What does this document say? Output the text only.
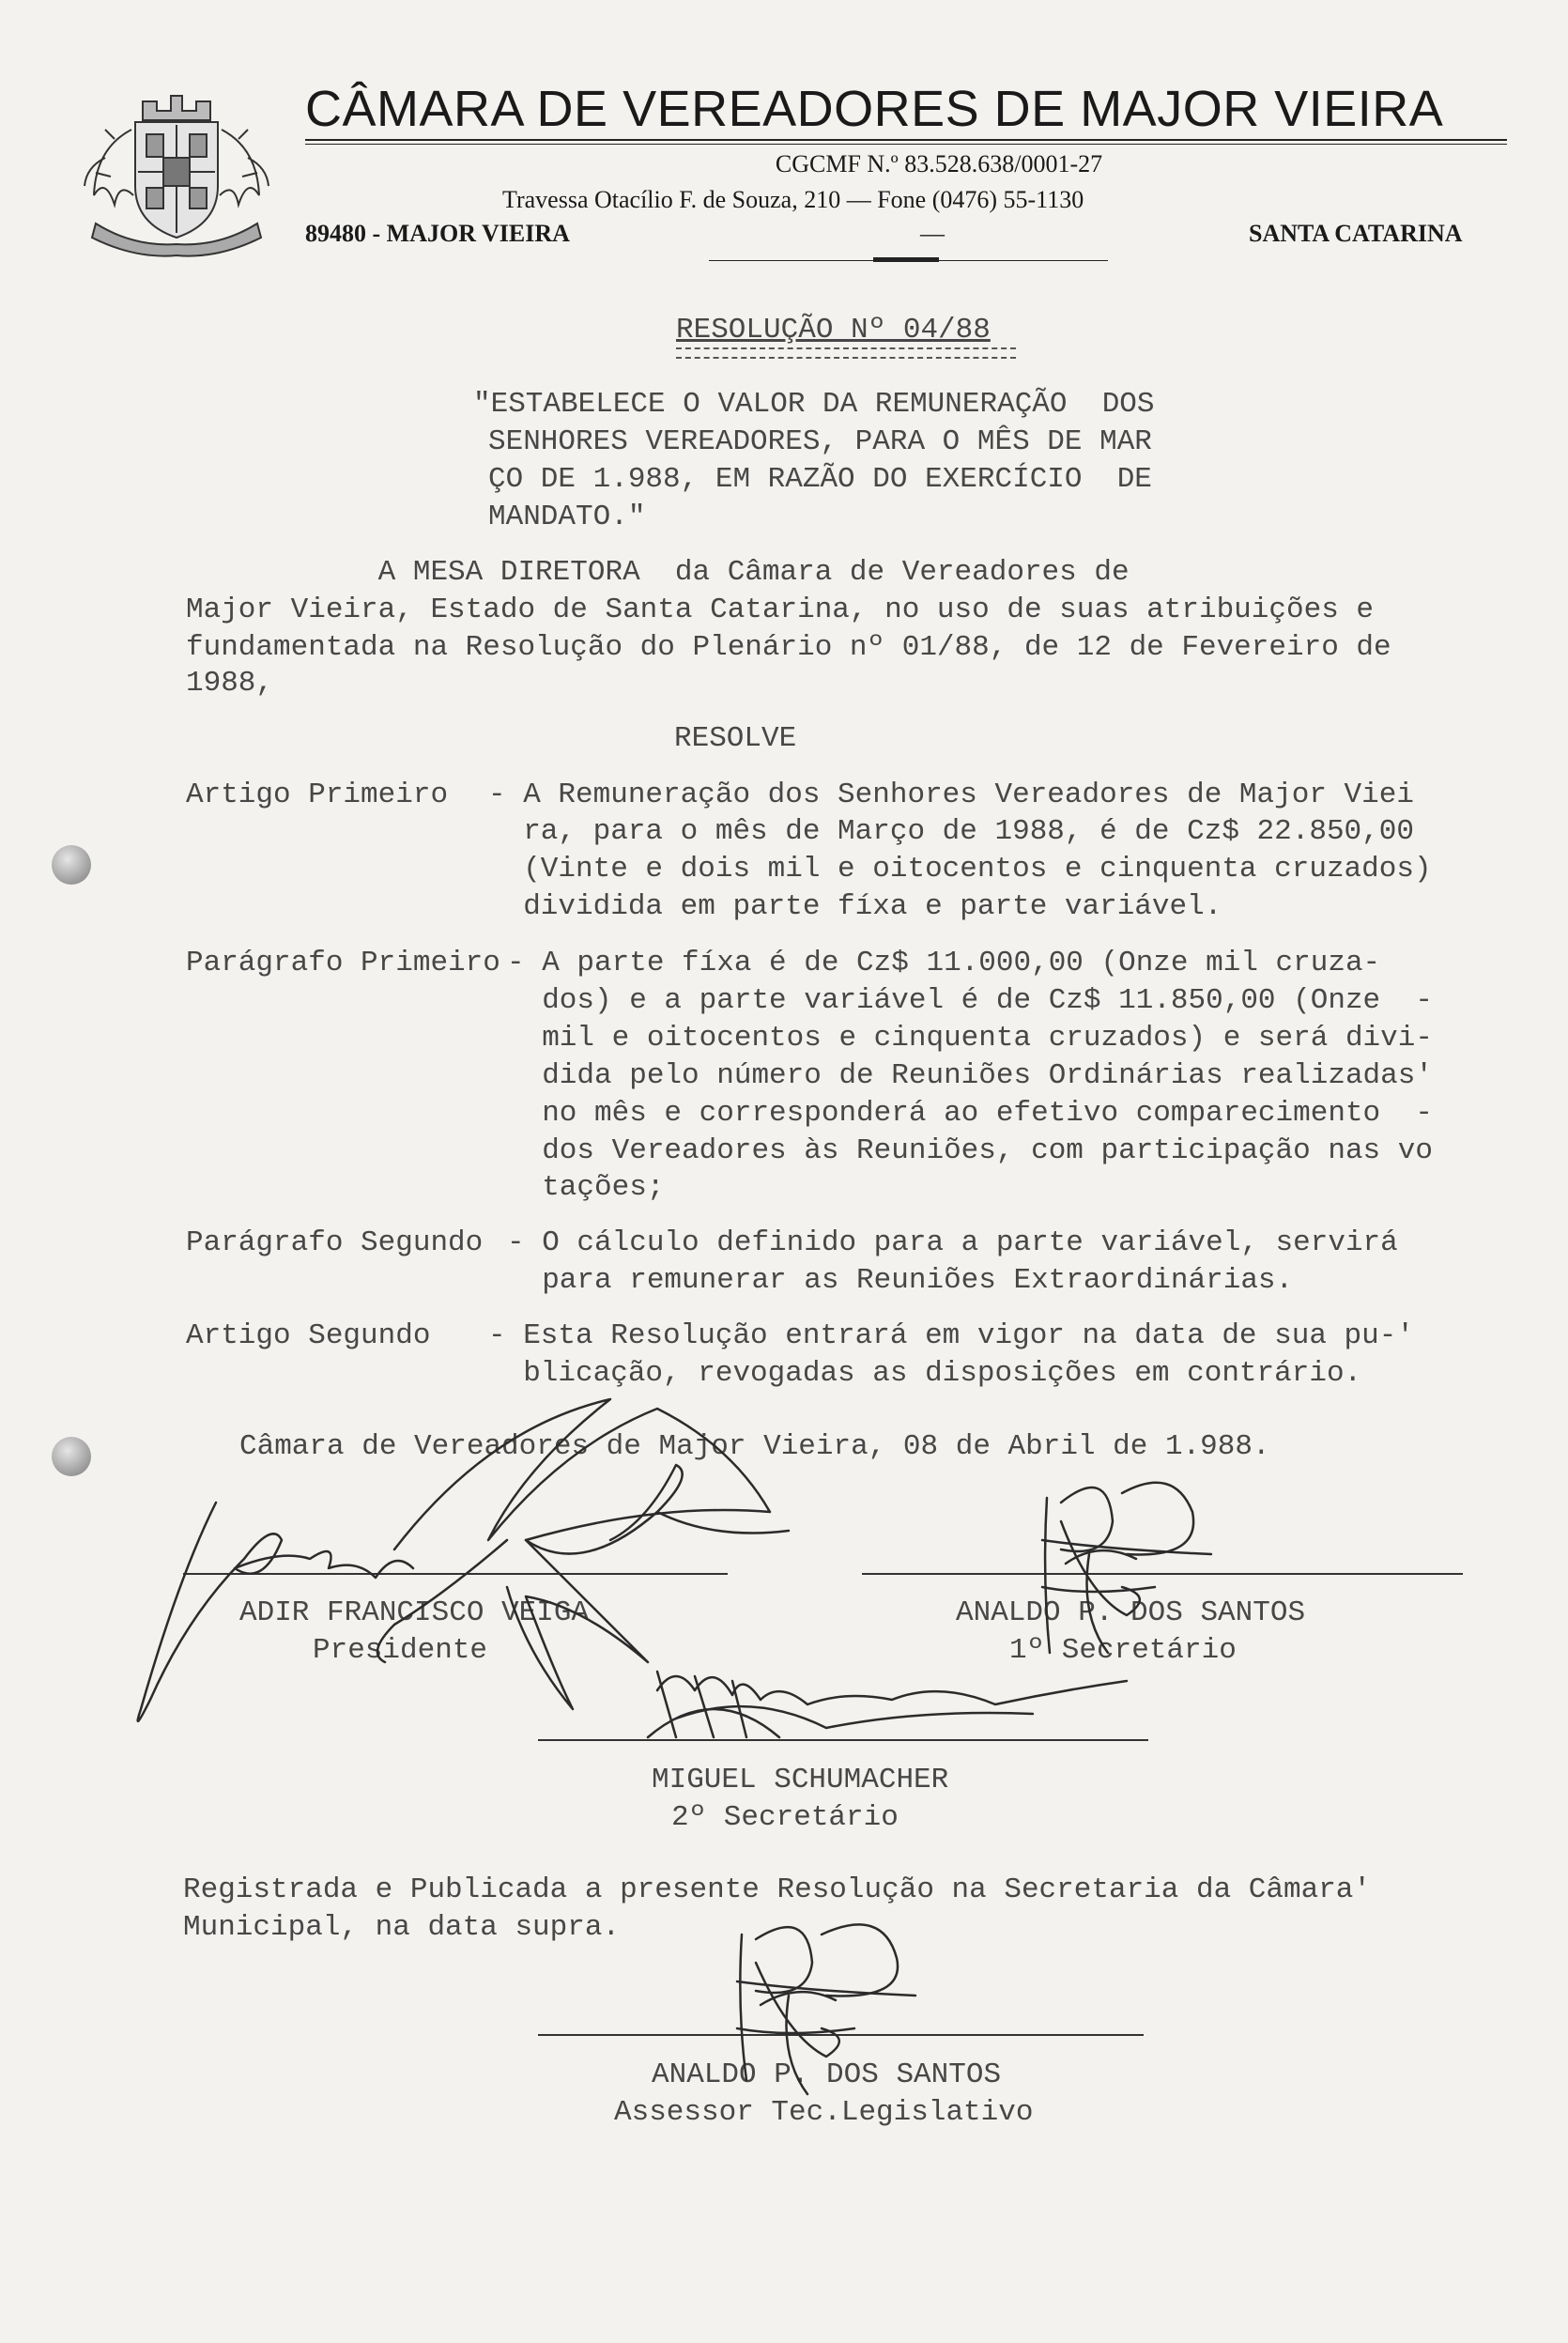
CÂMARA DE VEREADORES DE MAJOR VIEIRA
CGCMF N.º 83.528.638/0001-27
Travessa Otacílio F. de Souza, 210 — Fone (0476) 55-1130
89480 - MAJOR VIEIRA	—	SANTA CATARINA
RESOLUÇÃO Nº 04/88
"ESTABELECE O VALOR DA REMUNERAÇÃO  DOS
SENHORES VEREADORES, PARA O MÊS DE MAR
ÇO DE 1.988, EM RAZÃO DO EXERCÍCIO  DE
MANDATO."
A MESA DIRETORA  da Câmara de Vereadores de
Major Vieira, Estado de Santa Catarina, no uso de suas atribuições e
fundamentada na Resolução do Plenário nº 01/88, de 12 de Fevereiro de
1988,
RESOLVE
Artigo Primeiro - A Remuneração dos Senhores Vereadores de Major Viei
ra, para o mês de Março de 1988, é de Cz$ 22.850,00
(Vinte e dois mil e oitocentos e cinquenta cruzados)
dividida em parte fíxa e parte variável.
Parágrafo Primeiro - A parte fíxa é de Cz$ 11.000,00 (Onze mil cruza-
dos) e a parte variável é de Cz$ 11.850,00 (Onze  -
mil e oitocentos e cinquenta cruzados) e será divi-
dida pelo número de Reuniões Ordinárias realizadas'
no mês e corresponderá ao efetivo comparecimento  -
dos Vereadores às Reuniões, com participação nas vo
tações;
Parágrafo Segundo - O cálculo definido para a parte variável, servirá
para remunerar as Reuniões Extraordinárias.
Artigo Segundo - Esta Resolução entrará em vigor na data de sua pu-'
blicação, revogadas as disposições em contrário.
Câmara de Vereadores de Major Vieira, 08 de Abril de 1.988.
ADIR FRANCISCO VEIGA
Presidente
ANALDO P. DOS SANTOS
1º Secretário
MIGUEL SCHUMACHER
2º Secretário
Registrada e Publicada a presente Resolução na Secretaria da Câmara'
Municipal, na data supra.
ANALDO P. DOS SANTOS
Assessor Tec.Legislativo
